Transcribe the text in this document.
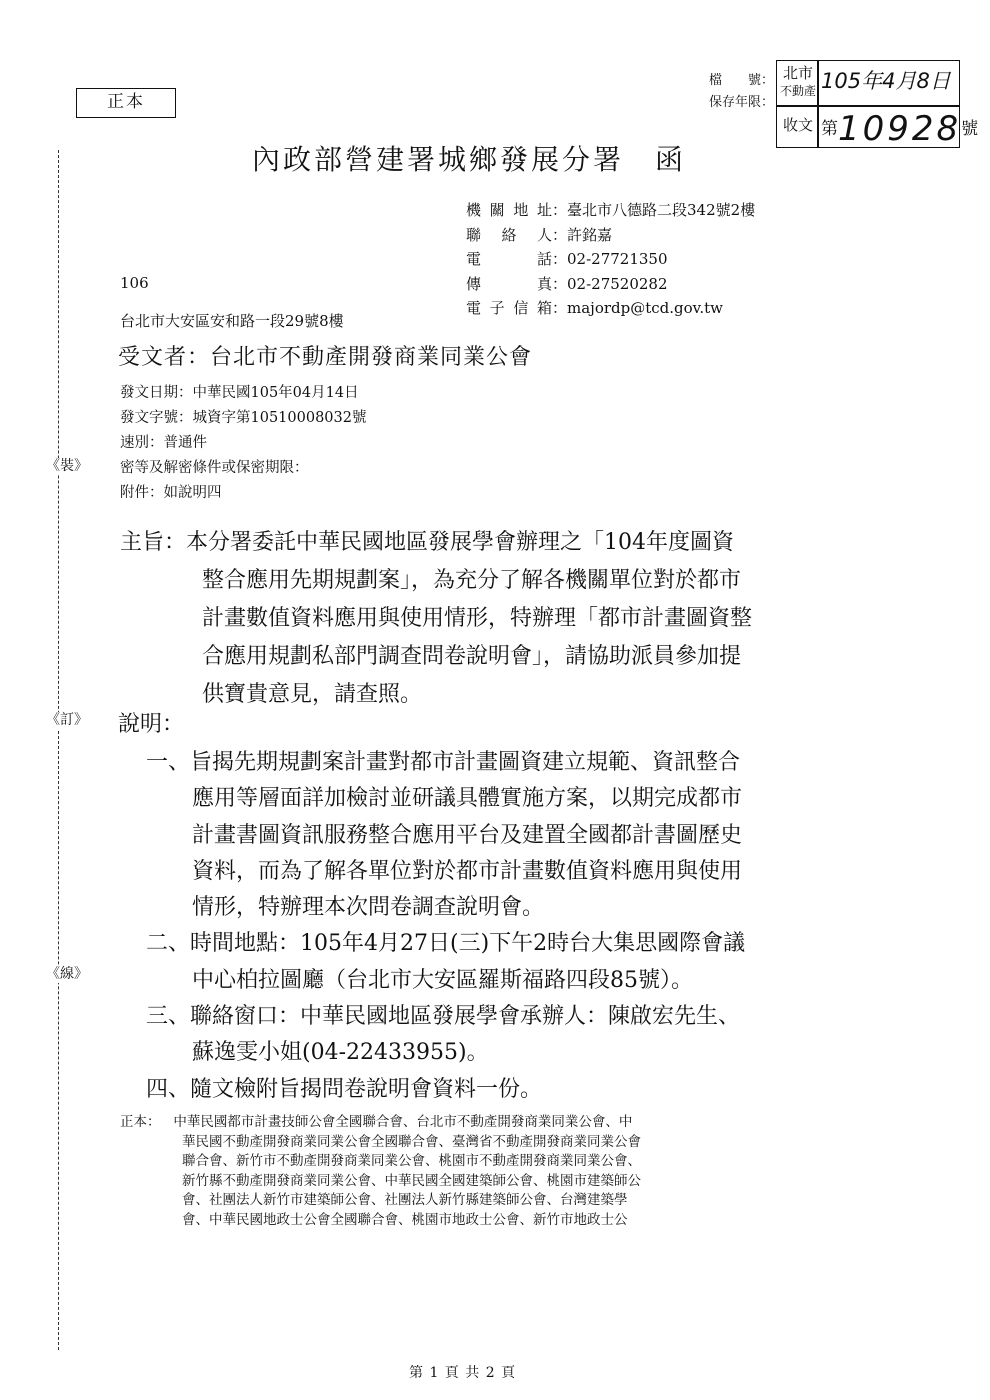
《裝》
《訂》
《線》
正本
檔　　號：
保存年限：
北市
不動產
收文
105年4月8日
第10928號
內政部營建署城鄉發展分署　函
機關地址：臺北市八德路二段342號2樓
聯絡人：許銘嘉
電話：02-27721350
傳真：02-27520282
電子信箱：majordp@tcd.gov.tw
106
台北市大安區安和路一段29號8樓
受文者：台北市不動產開發商業同業公會
發文日期：中華民國105年04月14日
發文字號：城資字第10510008032號
速別：普通件
密等及解密條件或保密期限：
附件：如說明四
主旨：本分署委託中華民國地區發展學會辦理之「104年度圖資
整合應用先期規劃案」，為充分了解各機關單位對於都市
計畫數值資料應用與使用情形，特辦理「都市計畫圖資整
合應用規劃私部門調查問卷說明會」，請協助派員參加提
供寶貴意見，請查照。
說明：
一、旨揭先期規劃案計畫對都市計畫圖資建立規範、資訊整合
應用等層面詳加檢討並研議具體實施方案，以期完成都市
計畫書圖資訊服務整合應用平台及建置全國都計書圖歷史
資料，而為了解各單位對於都市計畫數值資料應用與使用
情形，特辦理本次問卷調查說明會。
二、時間地點：105年4月27日(三)下午2時台大集思國際會議
中心柏拉圖廳（台北市大安區羅斯福路四段85號）。
三、聯絡窗口：中華民國地區發展學會承辦人：陳啟宏先生、
蘇逸雯小姐(04-22433955)。
四、隨文檢附旨揭問卷說明會資料一份。
正本： 中華民國都市計畫技師公會全國聯合會、台北市不動產開發商業同業公會、中
華民國不動產開發商業同業公會全國聯合會、臺灣省不動產開發商業同業公會
聯合會、新竹市不動產開發商業同業公會、桃園市不動產開發商業同業公會、
新竹縣不動產開發商業同業公會、中華民國全國建築師公會、桃園市建築師公
會、社團法人新竹市建築師公會、社團法人新竹縣建築師公會、台灣建築學
會、中華民國地政士公會全國聯合會、桃園市地政士公會、新竹市地政士公
第 1 頁 共 2 頁
